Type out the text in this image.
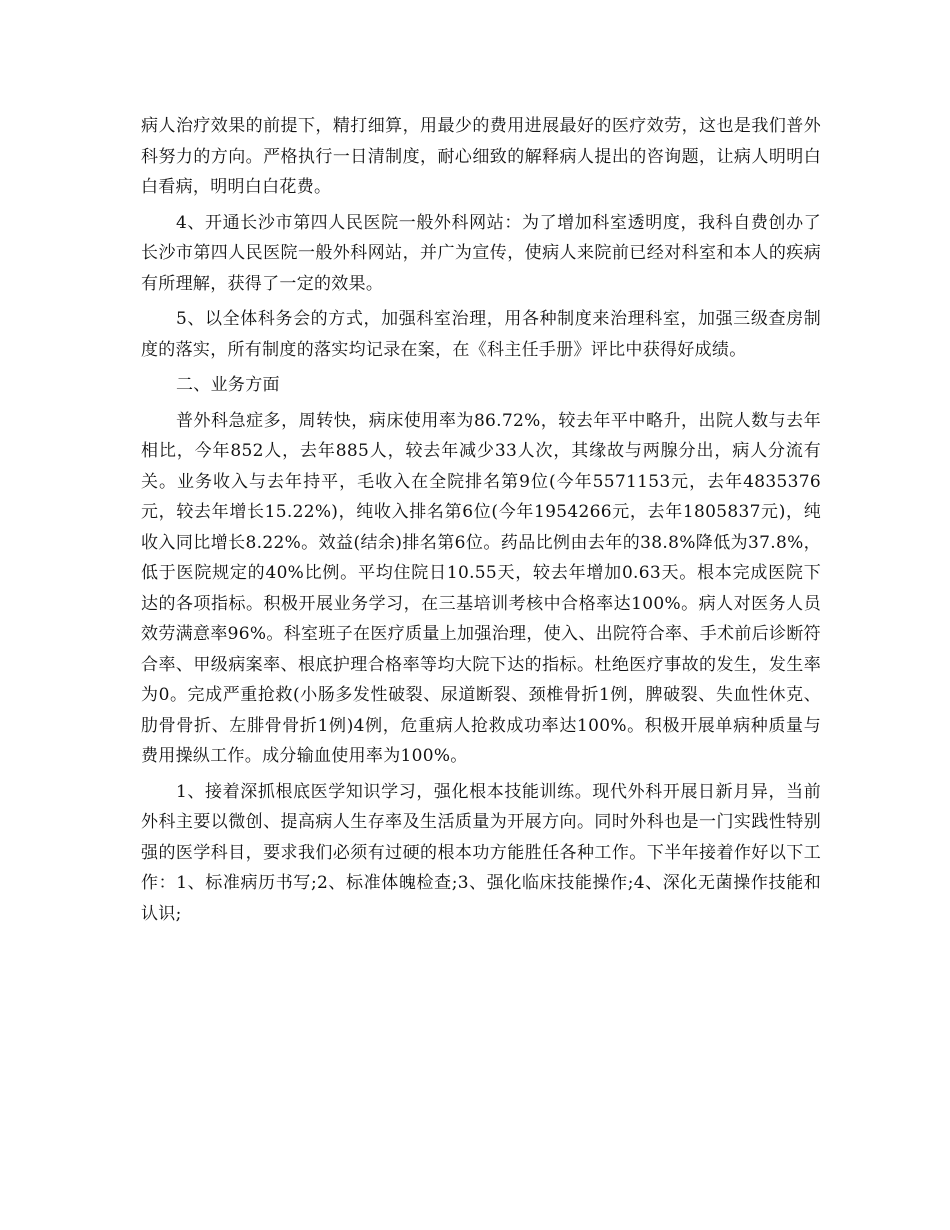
病人治疗效果的前提下，精打细算，用最少的费用进展最好的医疗效劳，这也是我们普外科努力的方向。严格执行一日清制度，耐心细致的解释病人提出的咨询题，让病人明明白白看病，明明白白花费。

4、开通长沙市第四人民医院一般外科网站：为了增加科室透明度，我科自费创办了长沙市第四人民医院一般外科网站，并广为宣传，使病人来院前已经对科室和本人的疾病有所理解，获得了一定的效果。

5、以全体科务会的方式，加强科室治理，用各种制度来治理科室，加强三级查房制度的落实，所有制度的落实均记录在案，在《科主任手册》评比中获得好成绩。

二、业务方面

普外科急症多，周转快，病床使用率为86.72%，较去年平中略升，出院人数与去年相比，今年852人，去年885人，较去年减少33人次，其缘故与两腺分出，病人分流有关。业务收入与去年持平，毛收入在全院排名第9位(今年5571153元，去年4835376元，较去年增长15.22%)，纯收入排名第6位(今年1954266元，去年1805837元)，纯收入同比增长8.22%。效益(结余)排名第6位。药品比例由去年的38.8%降低为37.8%，低于医院规定的40%比例。平均住院日10.55天，较去年增加0.63天。根本完成医院下达的各项指标。积极开展业务学习，在三基培训考核中合格率达100%。病人对医务人员效劳满意率96%。科室班子在医疗质量上加强治理，使入、出院符合率、手术前后诊断符合率、甲级病案率、根底护理合格率等均大院下达的指标。杜绝医疗事故的发生，发生率为0。完成严重抢救(小肠多发性破裂、尿道断裂、颈椎骨折1例，脾破裂、失血性休克、肋骨骨折、左腓骨骨折1例)4例，危重病人抢救成功率达100%。积极开展单病种质量与费用操纵工作。成分输血使用率为100%。

1、接着深抓根底医学知识学习，强化根本技能训练。现代外科开展日新月异，当前外科主要以微创、提高病人生存率及生活质量为开展方向。同时外科也是一门实践性特别强的医学科目，要求我们必须有过硬的根本功方能胜任各种工作。下半年接着作好以下工作：1、标准病历书写;2、标准体魄检查;3、强化临床技能操作;4、深化无菌操作技能和认识;
